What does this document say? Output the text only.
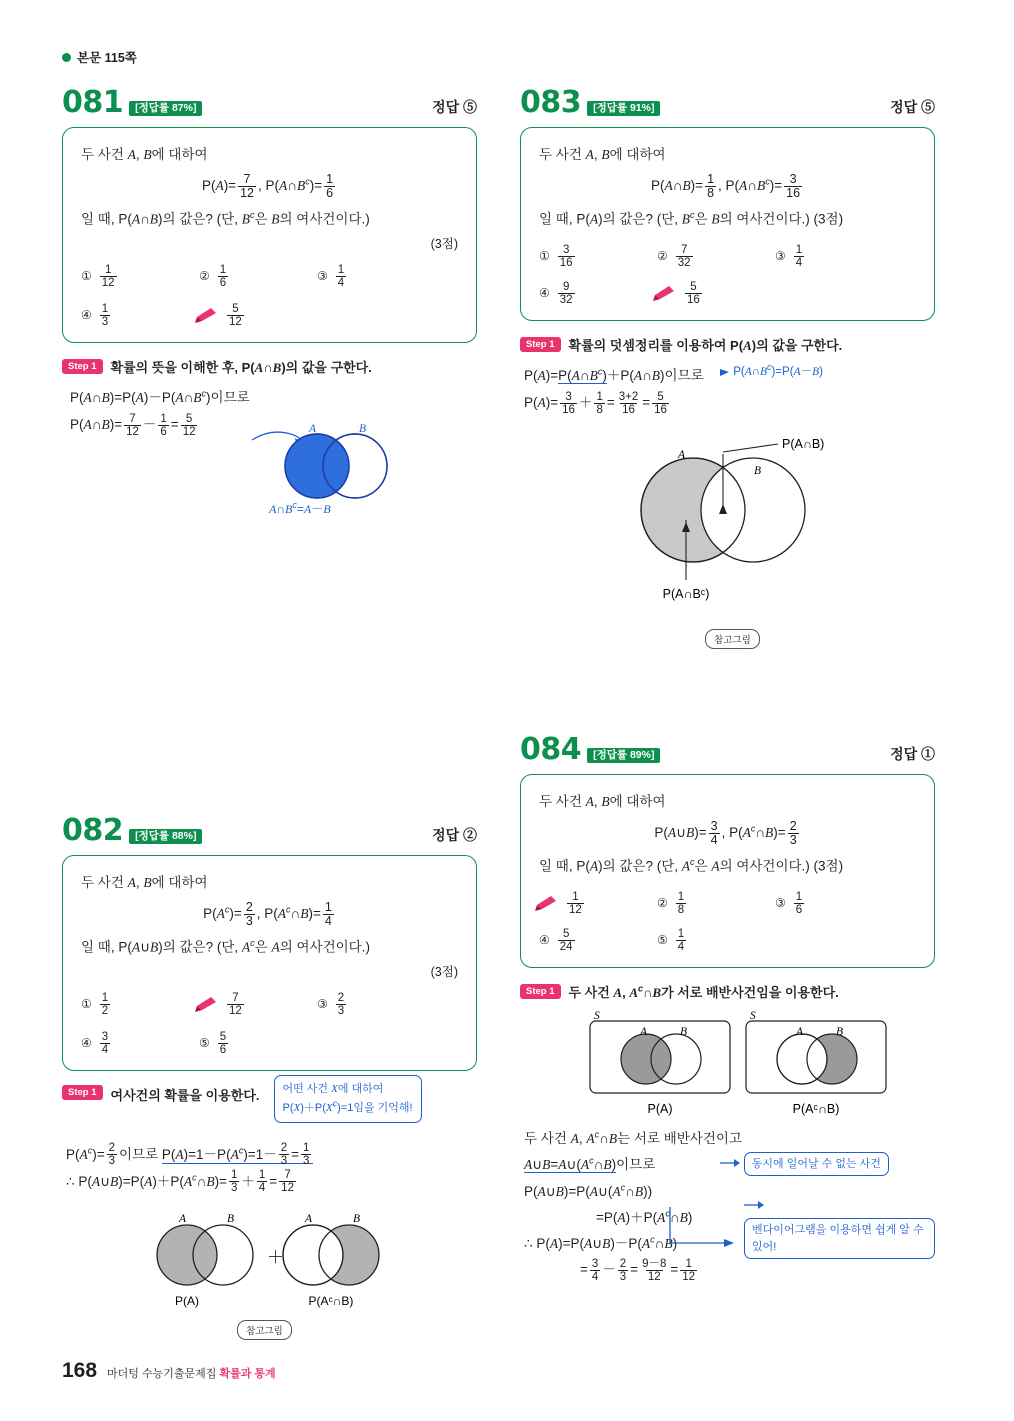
본문 115쪽
081	[정답률 87%]	정답 ⑤
두 사건 A, B에 대하여
$P(A)= \frac{7}{12}$ , $P(A\cap B^c)= \frac{1}{6}$
일 때, P(A∩B)의 값은? (단, $B^c$은 B의 여사건이다.)
(3점)
① $\frac{1}{12}$	② $\frac{1}{6}$	③ $\frac{1}{4}$
④ $\frac{1}{3}$	$\frac{5}{12}$
Step 1	확률의 뜻을 이해한 후, P(A∩B)의 값을 구한다.
$P(A\cap B)=P(A)-P(A\cap B^c)$이므로
P(A∩B)= $\frac{7}{12} - \frac{1}{6} = \frac{5}{12}$	A	B
$A\cap B^c=A-B$
082	[정답률 88%]	정답 ②
두 사건 A, B에 대하여
$P(A^c)= \frac{2}{3}$ , $P(A^c\cap B)= \frac{1}{4}$
일 때, P(A∪B)의 값은? (단, $A^c$은 A의 여사건이다.)
(3점)
① $\frac{1}{2}$	$\frac{7}{12}$	③ $\frac{2}{3}$
④ $\frac{3}{4}$	⑤ $\frac{5}{6}$
Step 1	여사건의 확률을 이용한다.	어떤 사건 X에 대하여
$P(X)+P(X^c)=1$임을 기억해!
$P(A^c)= \frac{2}{3}$ 이므로 $P(A)=1-P(A^c)=1- \frac{2}{3} = \frac{1}{3}$
∴ $P(A\cup B)=P(A)+P(A^c\cap B)= \frac{1}{3} + \frac{1}{4} = \frac{7}{12}$
A	B
＋
A	B
P(A)	P(Aᶜ∩B)
참고그림
083	[정답률 91%]	정답 ⑤
두 사건 A, B에 대하여
P(A∩B)= $\frac{1}{8}$ , $P(A\cap B^c)= \frac{3}{16}$
일 때, P(A)의 값은? (단, $B^c$은 B의 여사건이다.) (3점)
① $\frac{3}{16}$	② $\frac{7}{32}$	③ $\frac{1}{4}$
④ $\frac{9}{32}$	$\frac{5}{16}$
Step 1	확률의 덧셈정리를 이용하여 P(A)의 값을 구한다.
$P(A)=P(A\cap B^c)+P(A\cap B)$이므로
$P(A)= \frac{3}{16} + \frac{1}{8} = \frac{3+2}{16} = \frac{5}{16}$
$P(A\cap B^c)=P(A-B)$
A
B
P(A∩B)
P(A∩Bᶜ)
참고그림
084	[정답률 89%]	정답 ①
두 사건 A, B에 대하여
P(A∪B)= $\frac{3}{4}$ , $P(A^c\cap B)= \frac{2}{3}$
일 때, P(A)의 값은? (단, $A^c$은 A의 여사건이다.) (3점)
$\frac{1}{12}$	② $\frac{1}{8}$	③ $\frac{1}{6}$
④ $\frac{5}{24}$	⑤ $\frac{1}{4}$
Step 1	두 사건 A, $A^c\cap B$가 서로 배반사건임을 이용한다.
S
A	B
P(A)
S
A	B
P(Aᶜ∩B)
두 사건 A, $A^c\cap B$는 서로 배반사건이고
$A\cup B=A\cup(A^c\cap B)$이므로
$P(A\cup B)=P(A\cup(A^c\cap B))$
$=P(A)+P(A^c\cap B)$
∴ $P(A)=P(A\cup B)-P(A^c\cap B)$
= $\frac{3}{4} - \frac{2}{3} = \frac{9-8}{12} = \frac{1}{12}$
동시에 일어날 수 없는 사건
벤다이어그램을 이용하면 쉽게 알 수 있어!
168 마더텅 수능기출문제집 확률과 통계
